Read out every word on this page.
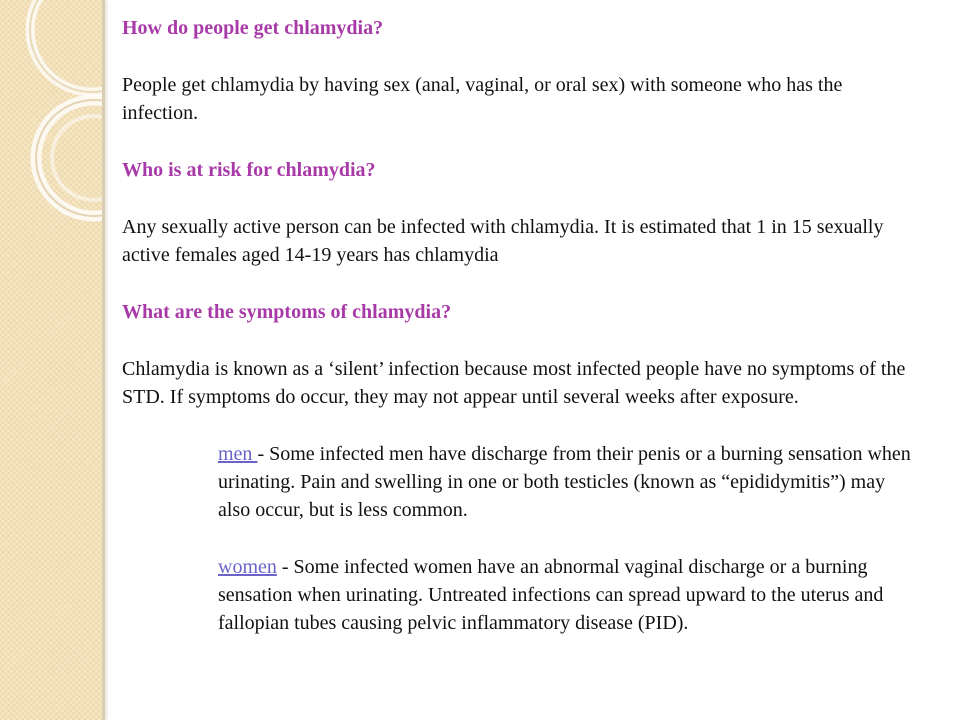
How do people get chlamydia?

People get chlamydia by having sex (anal, vaginal, or oral sex) with someone who has the infection.

Who is at risk for chlamydia?

Any sexually active person can be infected with chlamydia. It is estimated that 1 in 15 sexually active females aged 14-19 years has chlamydia

What are the symptoms of chlamydia?

Chlamydia is known as a ‘silent’ infection because most infected people have no symptoms of the STD. If symptoms do occur, they may not appear until several weeks after exposure.

men - Some infected men have discharge from their penis or a burning sensation when urinating. Pain and swelling in one or both testicles (known as “epididymitis”) may also occur, but is less common.

women - Some infected women have an abnormal vaginal discharge or a burning sensation when urinating. Untreated infections can spread upward to the uterus and fallopian tubes causing pelvic inflammatory disease (PID).
